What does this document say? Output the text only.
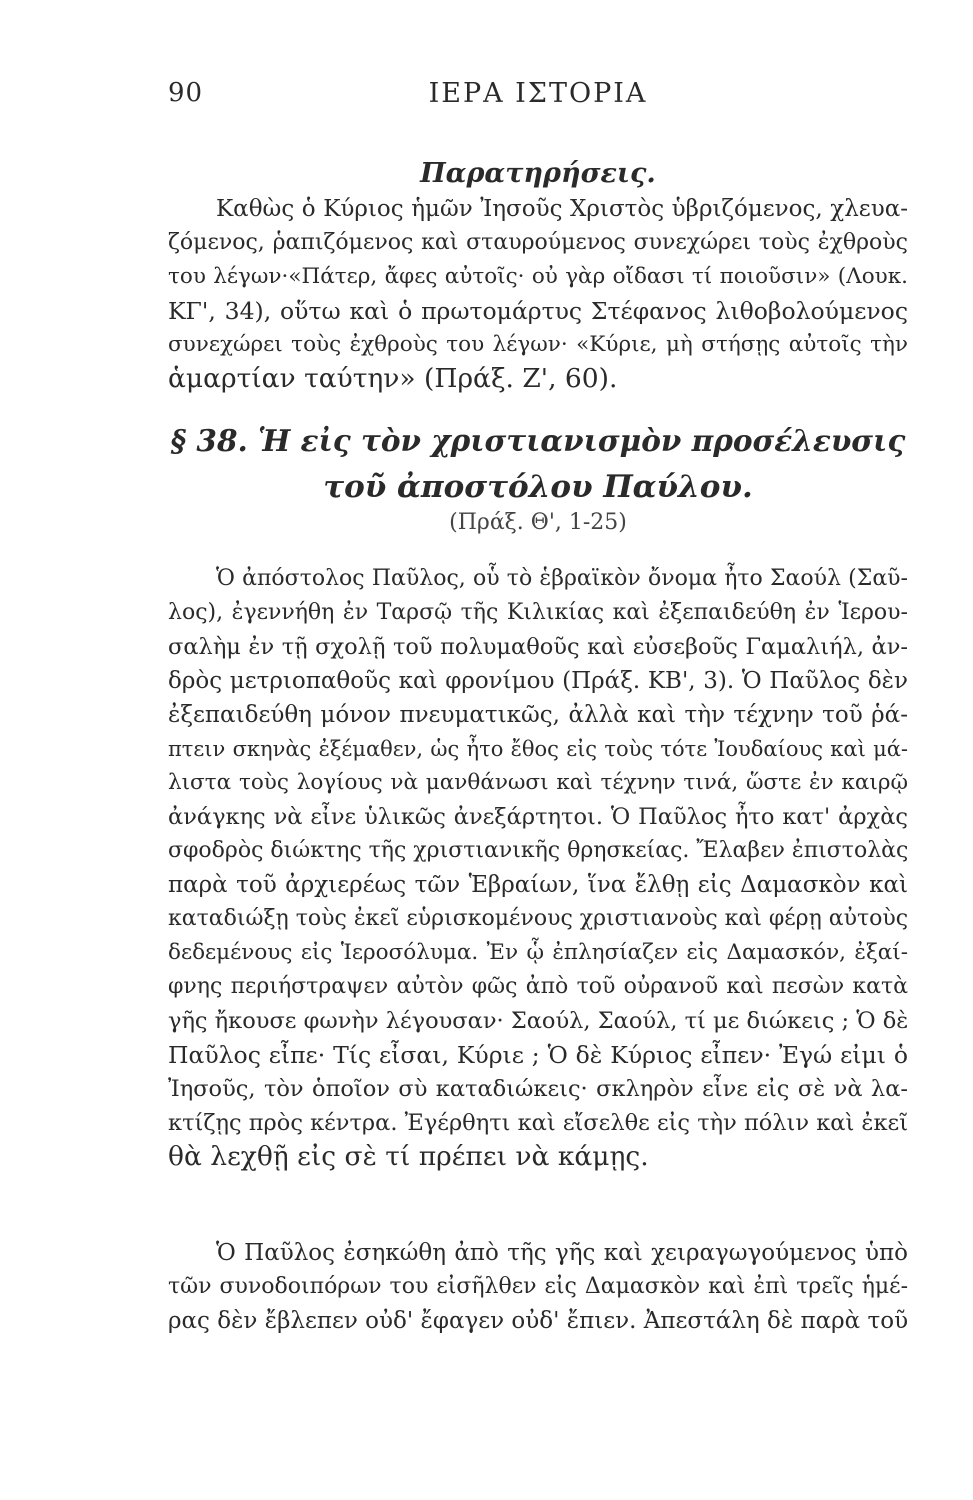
90	ΙΕΡΑ ΙΣΤΟΡΙΑ
Παρατηρήσεις.
Καθὼς ὁ Κύριος ἡμῶν Ἰησοῦς Χριστὸς ὑβριζόμενος, χλευα-
ζόμενος, ῥαπιζόμενος καὶ σταυρούμενος συνεχώρει τοὺς ἐχθροὺς
του λέγων·«Πάτερ, ἄφες αὐτοῖς· οὐ γὰρ οἴδασι τί ποιοῦσιν» (Λουκ.
ΚΓ', 34), οὕτω καὶ ὁ πρωτομάρτυς Στέφανος λιθοβολούμενος
συνεχώρει τοὺς ἐχθροὺς του λέγων· «Κύριε, μὴ στήσῃς αὐτοῖς τὴν
ἁμαρτίαν ταύτην» (Πράξ. Ζ', 60).
§ 38. Ἡ εἰς τὸν χριστιανισμὸν προσέλευσις
τοῦ ἀποστόλου Παύλου.
(Πράξ. Θ', 1-25)
Ὁ ἀπόστολος Παῦλος, οὗ τὸ ἑβραϊκὸν ὄνομα ἦτο Σαούλ (Σαῦ-
λος), ἐγεννήθη ἐν Ταρσῷ τῆς Κιλικίας καὶ ἐξεπαιδεύθη ἐν Ἱερου-
σαλὴμ ἐν τῇ σχολῇ τοῦ πολυμαθοῦς καὶ εὐσεβοῦς Γαμαλιήλ, ἀν-
δρὸς μετριοπαθοῦς καὶ φρονίμου (Πράξ. ΚΒ', 3). Ὁ Παῦλος δὲν
ἐξεπαιδεύθη μόνον πνευματικῶς, ἀλλὰ καὶ τὴν τέχνην τοῦ ῥά-
πτειν σκηνὰς ἐξέμαθεν, ὡς ἦτο ἔθος εἰς τοὺς τότε Ἰουδαίους καὶ μά-
λιστα τοὺς λογίους νὰ μανθάνωσι καὶ τέχνην τινά, ὥστε ἐν καιρῷ
ἀνάγκης νὰ εἶνε ὑλικῶς ἀνεξάρτητοι. Ὁ Παῦλος ἦτο κατ' ἀρχὰς
σφοδρὸς διώκτης τῆς χριστιανικῆς θρησκείας. Ἔλαβεν ἐπιστολὰς
παρὰ τοῦ ἀρχιερέως τῶν Ἑβραίων, ἵνα ἔλθῃ εἰς Δαμασκὸν καὶ
καταδιώξῃ τοὺς ἐκεῖ εὑρισκομένους χριστιανοὺς καὶ φέρῃ αὐτοὺς
δεδεμένους εἰς Ἱεροσόλυμα. Ἐν ᾧ ἐπλησίαζεν εἰς Δαμασκόν, ἐξαί-
φνης περιήστραψεν αὐτὸν φῶς ἀπὸ τοῦ οὐρανοῦ καὶ πεσὼν κατὰ
γῆς ἤκουσε φωνὴν λέγουσαν· Σαούλ, Σαούλ, τί με διώκεις ; Ὁ δὲ
Παῦλος εἶπε· Τίς εἶσαι, Κύριε ; Ὁ δὲ Κύριος εἶπεν· Ἐγώ εἰμι ὁ
Ἰησοῦς, τὸν ὁποῖον σὺ καταδιώκεις· σκληρὸν εἶνε εἰς σὲ νὰ λα-
κτίζῃς πρὸς κέντρα. Ἐγέρθητι καὶ εἴσελθε εἰς τὴν πόλιν καὶ ἐκεῖ
θὰ λεχθῇ εἰς σὲ τί πρέπει νὰ κάμῃς.
Ὁ Παῦλος ἐσηκώθη ἀπὸ τῆς γῆς καὶ χειραγωγούμενος ὑπὸ
τῶν συνοδοιπόρων του εἰσῆλθεν εἰς Δαμασκὸν καὶ ἐπὶ τρεῖς ἡμέ-
ρας δὲν ἔβλεπεν οὐδ' ἔφαγεν οὐδ' ἔπιεν. Ἀπεστάλη δὲ παρὰ τοῦ
